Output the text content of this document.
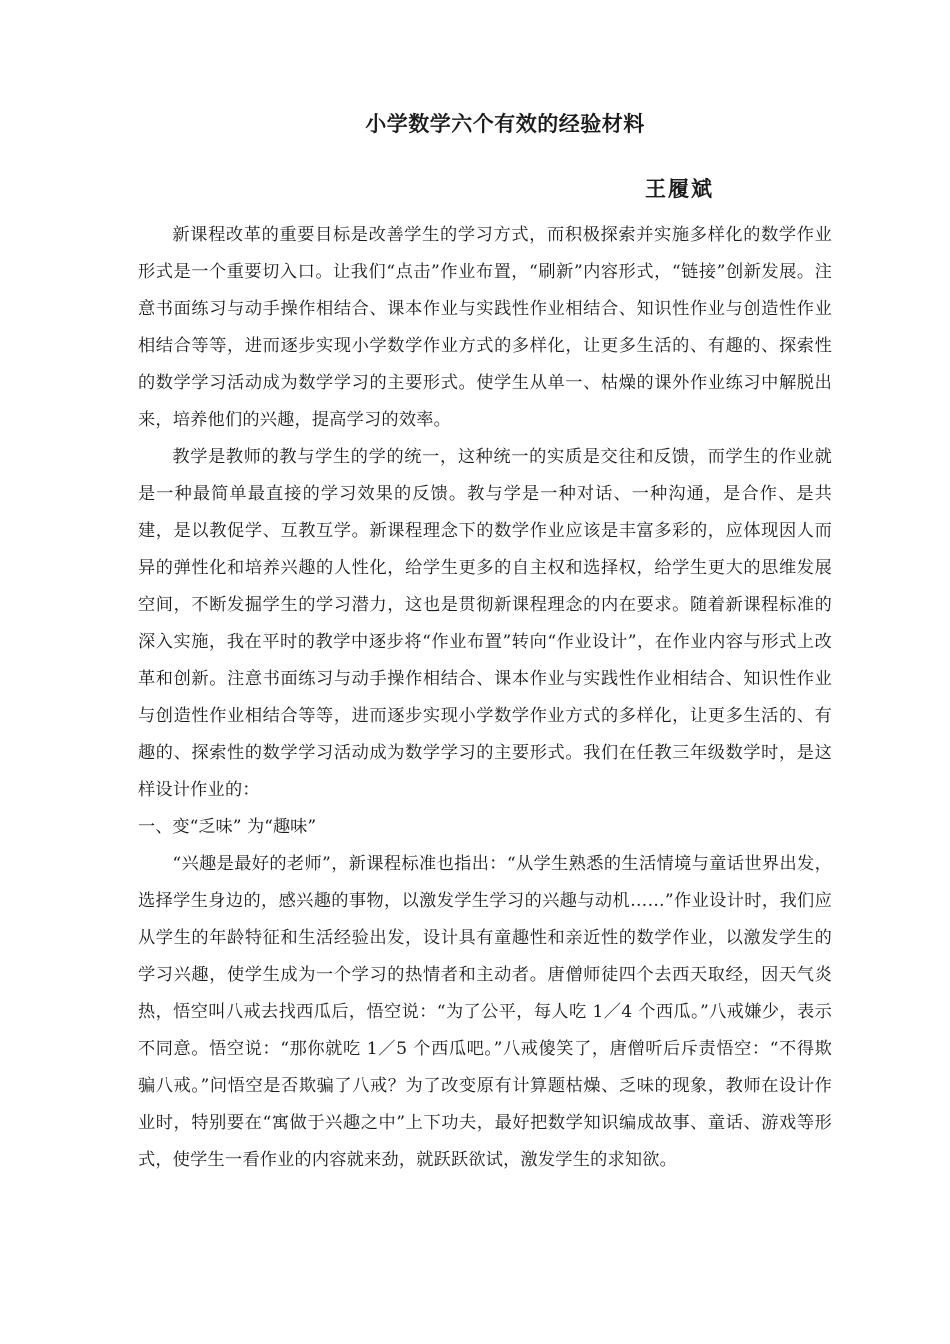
小学数学六个有效的经验材料
王履斌

新课程改革的重要目标是改善学生的学习方式，而积极探索并实施多样化的数学作业形式是一个重要切入口。让我们“点击”作业布置，“刷新”内容形式，“链接”创新发展。注意书面练习与动手操作相结合、课本作业与实践性作业相结合、知识性作业与创造性作业相结合等等，进而逐步实现小学数学作业方式的多样化，让更多生活的、有趣的、探索性的数学学习活动成为数学学习的主要形式。使学生从单一、枯燥的课外作业练习中解脱出来，培养他们的兴趣，提高学习的效率。

教学是教师的教与学生的学的统一，这种统一的实质是交往和反馈，而学生的作业就是一种最简单最直接的学习效果的反馈。教与学是一种对话、一种沟通，是合作、是共建，是以教促学、互教互学。新课程理念下的数学作业应该是丰富多彩的，应体现因人而异的弹性化和培养兴趣的人性化，给学生更多的自主权和选择权，给学生更大的思维发展空间，不断发掘学生的学习潜力，这也是贯彻新课程理念的内在要求。随着新课程标准的深入实施，我在平时的教学中逐步将“作业布置”转向“作业设计”，在作业内容与形式上改革和创新。注意书面练习与动手操作相结合、课本作业与实践性作业相结合、知识性作业与创造性作业相结合等等，进而逐步实现小学数学作业方式的多样化，让更多生活的、有趣的、探索性的数学学习活动成为数学学习的主要形式。我们在任教三年级数学时，是这样设计作业的：

一、变“乏味” 为“趣味”

“兴趣是最好的老师”，新课程标准也指出：“从学生熟悉的生活情境与童话世界出发，选择学生身边的，感兴趣的事物，以激发学生学习的兴趣与动机……”作业设计时，我们应从学生的年龄特征和生活经验出发，设计具有童趣性和亲近性的数学作业，以激发学生的学习兴趣，使学生成为一个学习的热情者和主动者。唐僧师徒四个去西天取经，因天气炎热，悟空叫八戒去找西瓜后，悟空说：“为了公平，每人吃 1／4 个西瓜。”八戒嫌少，表示不同意。悟空说：“那你就吃 1／5 个西瓜吧。”八戒傻笑了，唐僧听后斥责悟空：“不得欺骗八戒。”问悟空是否欺骗了八戒？为了改变原有计算题枯燥、乏味的现象，教师在设计作业时，特别要在“寓做于兴趣之中”上下功夫，最好把数学知识编成故事、童话、游戏等形式，使学生一看作业的内容就来劲，就跃跃欲试，激发学生的求知欲。
